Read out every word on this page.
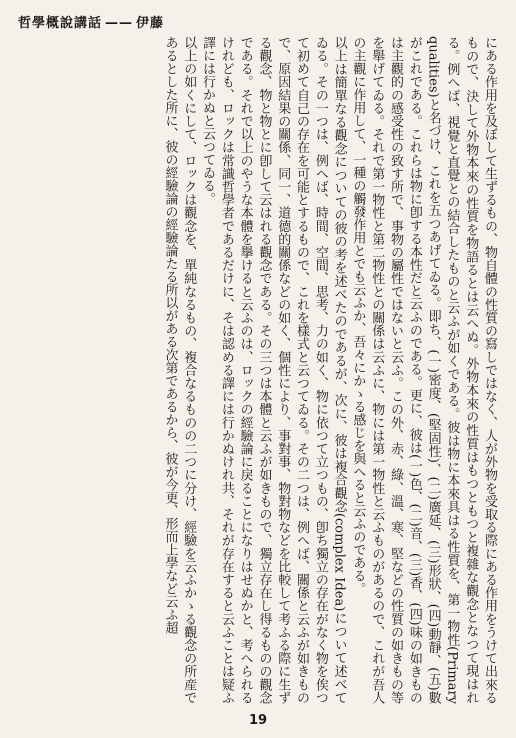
哲學概說講話 —— 伊藤

にある作用を及ぼして生ずるもの、物自體の性質の寫しではなく、人が外物を受取る際にある作用をうけて出來るもので、決して外物本來の性質を物語るとは云へぬ。外物本來の性質はもつともつと複雜な觀念となつて現はれる。例へば、視覺と直覺との結合したものと云ふが如くである。彼は物に本來具はる性質を、第一物性(Primary qualities)と名づけ、これを五つあげてゐる。即ち、(一)密度、(堅固性)、(二)廣延、(三)形狀、(四)動靜、(五)數がこれである。これらは物に卽する本性だと云ふのである。更に、彼は(一)色、(二)音、(三)香、(四)味の如きものは主觀的の感受性の致す所で、事物の屬性ではないと云ふ。この外、赤、綠、溫、寒、堅などの性質の如きもの等を舉げてゐる。それで第一物性と第二物性との關係は云ふに、物には第一物性と云ふものがあるので、これが吾人の主觀に作用して、一種の觸發作用とでも云ふか、吾々にかゝる感じを與へると云ふのである。

以上は簡單なる觀念についての彼の考を述べたのであるが、次に、彼は複合觀念(complex Idea)について述べてゐる。その一つは、例へば、時間、空間、思考、力の如く、物に依つて立つもの、卽ち獨立の存在がなく物を俟つて初めて自己の存在を可能とするもので、これを樣式と云つてゐる。その二つは、例へば、關係と云ふが如きもので、原因結果の關係、同一、道德的關係などの如く、個性により、事對事、物對物などを比較して考ふる際に生ずる觀念、物と物とに卽して云はれる觀念である。その三つは本體と云ふが如きもので、獨立存在し得るものの觀念である。それで以上のやうな本體を擧けると云ふのは、ロックの經驗論に戾ることになりはせぬかと、考へられるけれども、ロックは常識哲學者であるだけに、そは認める譯には行かぬけれ共、それが存在すると云ふことは疑ふ譯には行かぬと云つてゐる。

以上の如くにして、ロックは觀念を、單純なるもの、複合なるものの二つに分け、經驗を云ふかゝる觀念の所産であるとした所に、彼の經驗論の經驗論たる所以がある次第であるから、彼が今更、形而上學など云ふ超

19
